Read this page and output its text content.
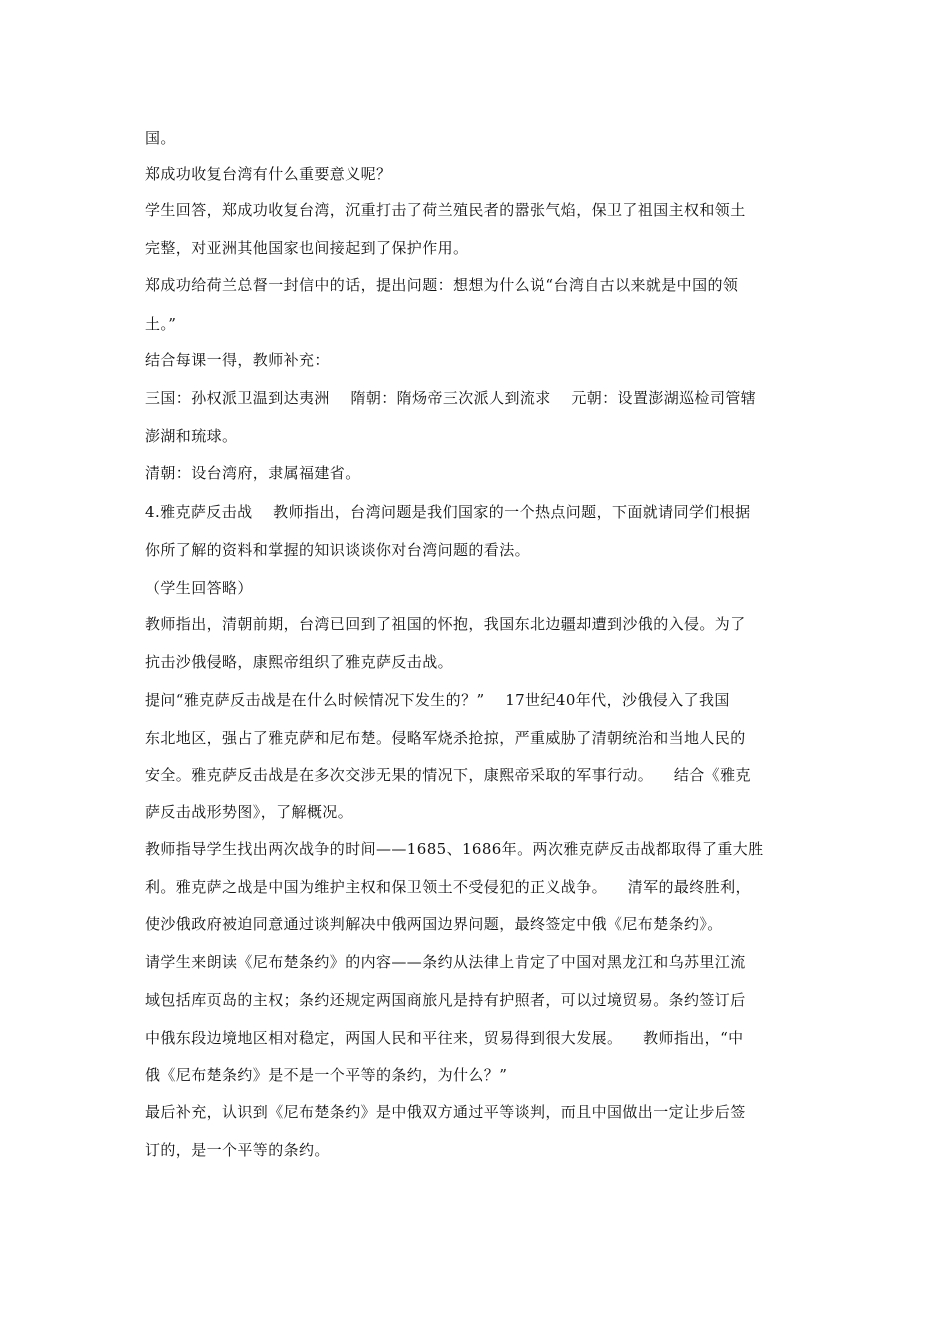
国。
郑成功收复台湾有什么重要意义呢？
学生回答，郑成功收复台湾，沉重打击了荷兰殖民者的嚣张气焰，保卫了祖国主权和领土
完整，对亚洲其他国家也间接起到了保护作用。
郑成功给荷兰总督一封信中的话，提出问题：想想为什么说“台湾自古以来就是中国的领
土。”
结合每课一得，教师补充：
三国：孙权派卫温到达夷洲    隋朝：隋炀帝三次派人到流求    元朝：设置澎湖巡检司管辖
澎湖和琉球。
清朝：设台湾府，隶属福建省。
4.雅克萨反击战    教师指出，台湾问题是我们国家的一个热点问题，下面就请同学们根据
你所了解的资料和掌握的知识谈谈你对台湾问题的看法。
（学生回答略）
教师指出，清朝前期，台湾已回到了祖国的怀抱，我国东北边疆却遭到沙俄的入侵。为了
抗击沙俄侵略，康熙帝组织了雅克萨反击战。
提问“雅克萨反击战是在什么时候情况下发生的？”    17世纪40年代，沙俄侵入了我国
东北地区，强占了雅克萨和尼布楚。侵略军烧杀抢掠，严重威胁了清朝统治和当地人民的
安全。雅克萨反击战是在多次交涉无果的情况下，康熙帝采取的军事行动。    结合《雅克
萨反击战形势图》，了解概况。
教师指导学生找出两次战争的时间——1685、1686年。两次雅克萨反击战都取得了重大胜
利。雅克萨之战是中国为维护主权和保卫领土不受侵犯的正义战争。    清军的最终胜利，
使沙俄政府被迫同意通过谈判解决中俄两国边界问题，最终签定中俄《尼布楚条约》。
请学生来朗读《尼布楚条约》的内容——条约从法律上肯定了中国对黑龙江和乌苏里江流
域包括库页岛的主权；条约还规定两国商旅凡是持有护照者，可以过境贸易。条约签订后
中俄东段边境地区相对稳定，两国人民和平往来，贸易得到很大发展。    教师指出，“中
俄《尼布楚条约》是不是一个平等的条约，为什么？”
最后补充，认识到《尼布楚条约》是中俄双方通过平等谈判，而且中国做出一定让步后签
订的，是一个平等的条约。
